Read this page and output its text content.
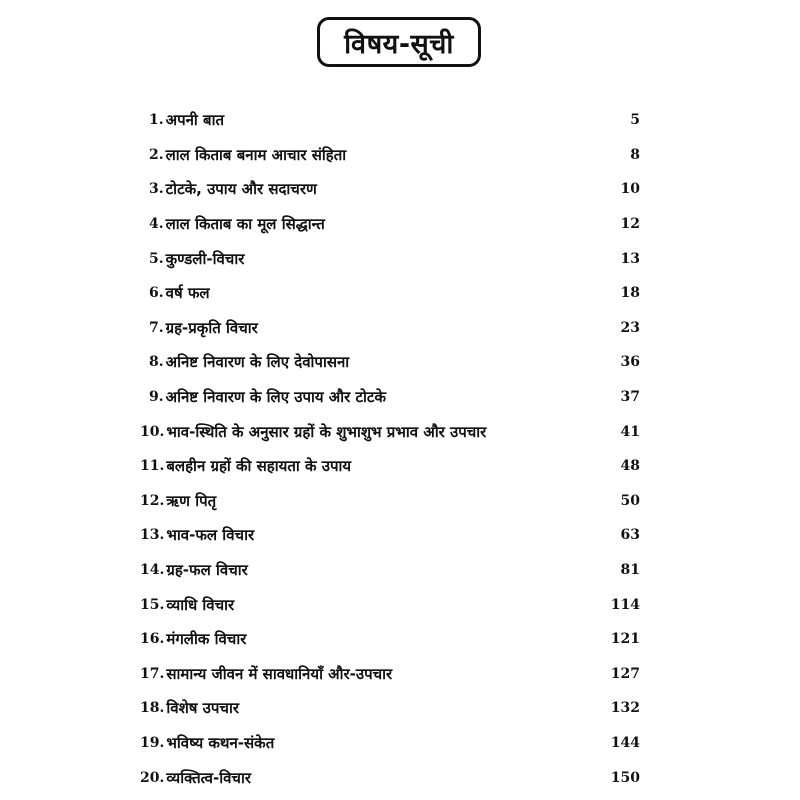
विषय-सूची
1. अपनी बात	5
2. लाल किताब बनाम आचार संहिता	8
3. टोटके, उपाय और सदाचरण	10
4. लाल किताब का मूल सिद्धान्त	12
5. कुण्डली-विचार	13
6. वर्ष फल	18
7. ग्रह-प्रकृति विचार	23
8. अनिष्ट निवारण के लिए देवोपासना	36
9. अनिष्ट निवारण के लिए उपाय और टोटके	37
10. भाव-स्थिति के अनुसार ग्रहों के शुभाशुभ प्रभाव और उपचार	41
11. बलहीन ग्रहों की सहायता के उपाय	48
12. ऋण पितृ	50
13. भाव-फल विचार	63
14. ग्रह-फल विचार	81
15. व्याधि विचार	114
16. मंगलीक विचार	121
17. सामान्य जीवन में सावधानियाँ और-उपचार	127
18. विशेष उपचार	132
19. भविष्य कथन-संकेत	144
20. व्यक्तित्व-विचार	150
